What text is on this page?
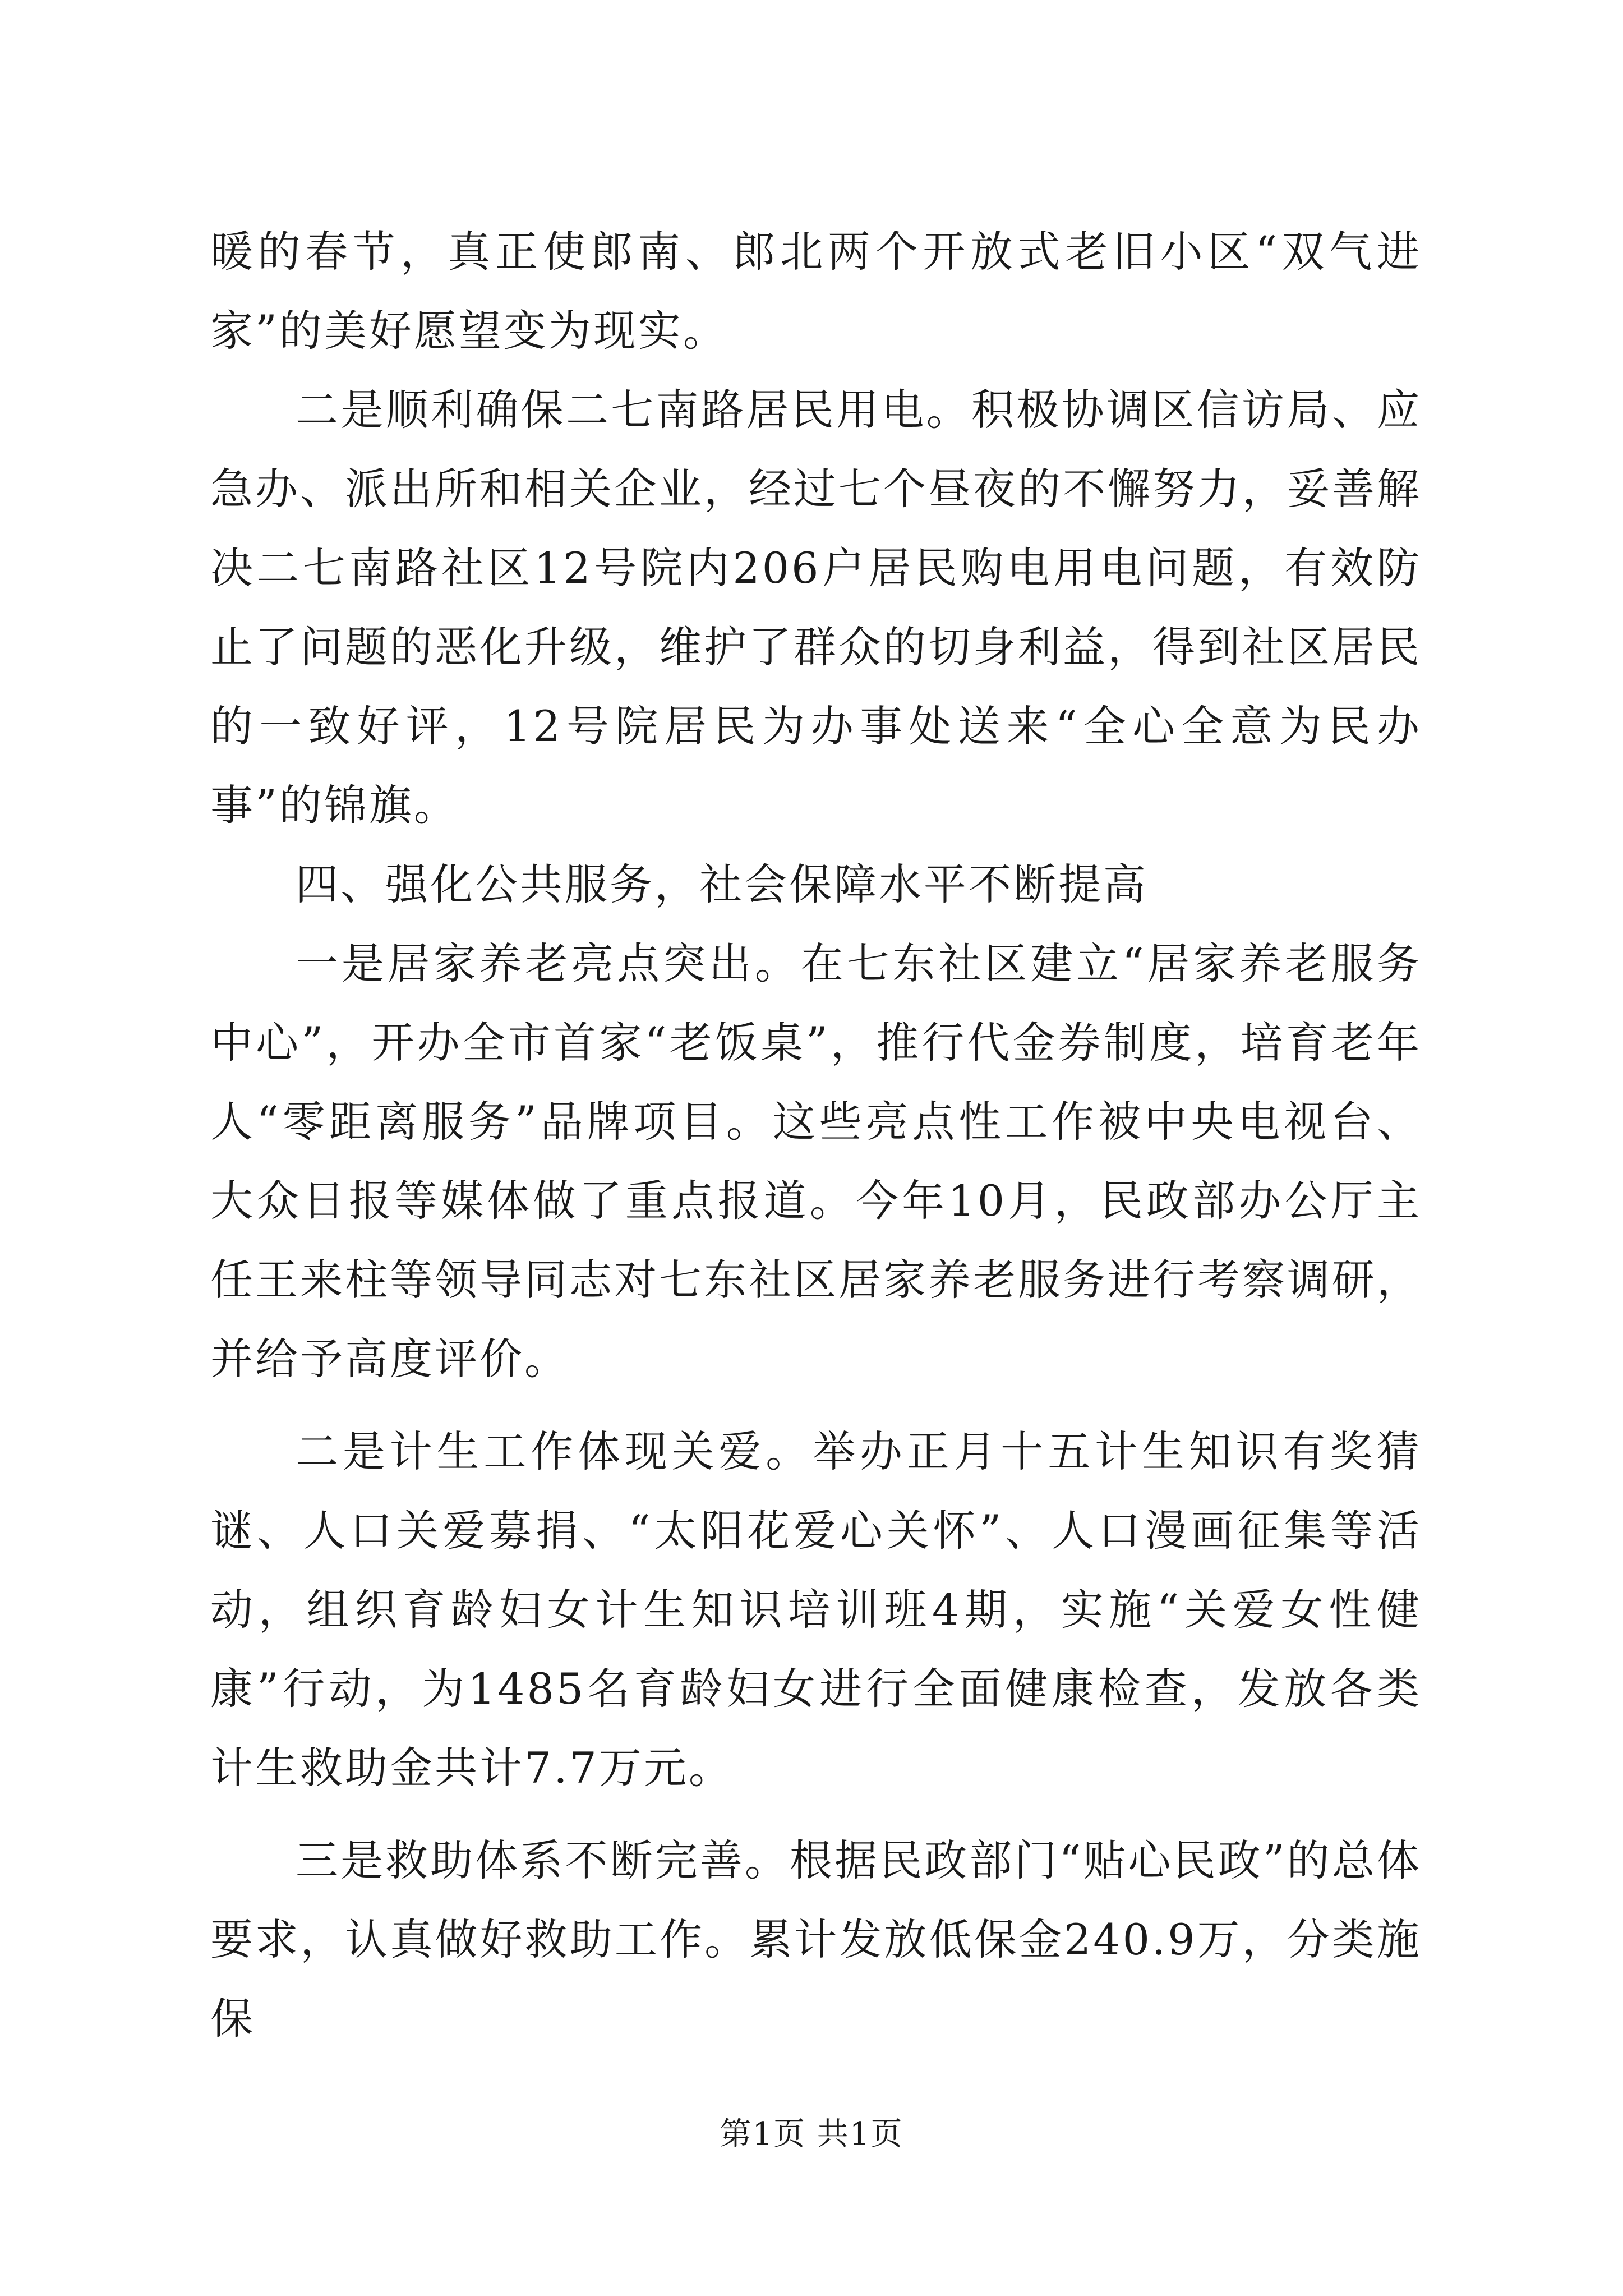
暖的春节，真正使郎南、郎北两个开放式老旧小区“双气进家”的美好愿望变为现实。

二是顺利确保二七南路居民用电。积极协调区信访局、应急办、派出所和相关企业，经过七个昼夜的不懈努力，妥善解决二七南路社区12号院内206户居民购电用电问题，有效防止了问题的恶化升级，维护了群众的切身利益，得到社区居民的一致好评，12号院居民为办事处送来“全心全意为民办事”的锦旗。

四、强化公共服务，社会保障水平不断提高

一是居家养老亮点突出。在七东社区建立“居家养老服务中心”，开办全市首家“老饭桌”，推行代金券制度，培育老年人“零距离服务”品牌项目。这些亮点性工作被中央电视台、大众日报等媒体做了重点报道。今年10月，民政部办公厅主任王来柱等领导同志对七东社区居家养老服务进行考察调研，并给予高度评价。

二是计生工作体现关爱。举办正月十五计生知识有奖猜谜、人口关爱募捐、“太阳花爱心关怀”、人口漫画征集等活动，组织育龄妇女计生知识培训班4期，实施“关爱女性健康”行动，为1485名育龄妇女进行全面健康检查，发放各类计生救助金共计7.7万元。

三是救助体系不断完善。根据民政部门“贴心民政”的总体要求，认真做好救助工作。累计发放低保金240.9万，分类施保

第1页 共1页
